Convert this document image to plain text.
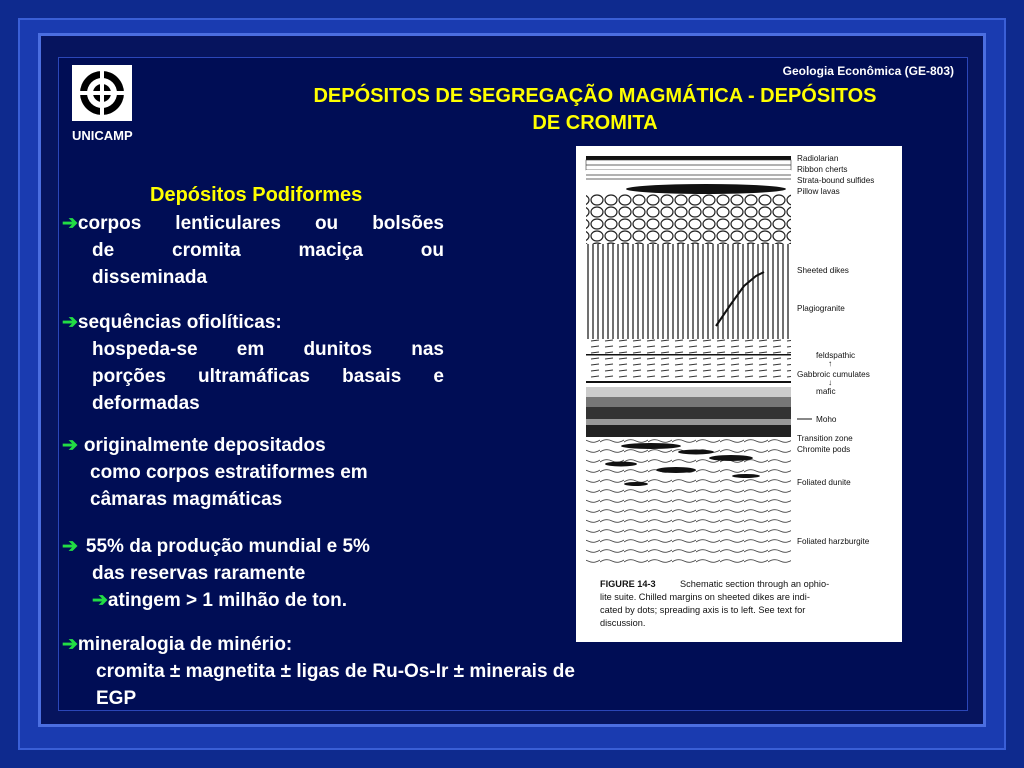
UNICAMP
Geologia Econômica (GE-803)
DEPÓSITOS DE SEGREGAÇÃO MAGMÁTICA - DEPÓSITOS
DE CROMITA
Depósitos Podiformes
➔corpos lenticulares ou bolsões
de cromita maciça ou
disseminada
➔sequências ofiolíticas:
hospeda-se em dunitos nas
porções ultramáficas basais e
deformadas
➔ originalmente depositados
como corpos estratiformes em
câmaras magmáticas
➔ 55% da produção mundial e 5%
das reservas raramente
➔atingem > 1 milhão de ton.
➔mineralogia de minério:
cromita ± magnetita ± ligas de Ru-Os-Ir ± minerais de
EGP
Radiolarian
Ribbon cherts
Strata-bound sulfides
Pillow lavas
Sheeted dikes
Plagiogranite
feldspathic
↑
Gabbroic cumulates
↓
mafic
Moho
Transition zone
Chromite pods
Foliated dunite
Foliated harzburgite
FIGURE 14-3	Schematic section through an ophio-
lite suite. Chilled margins on sheeted dikes are indi-
cated by dots; spreading axis is to left. See text for
discussion.
